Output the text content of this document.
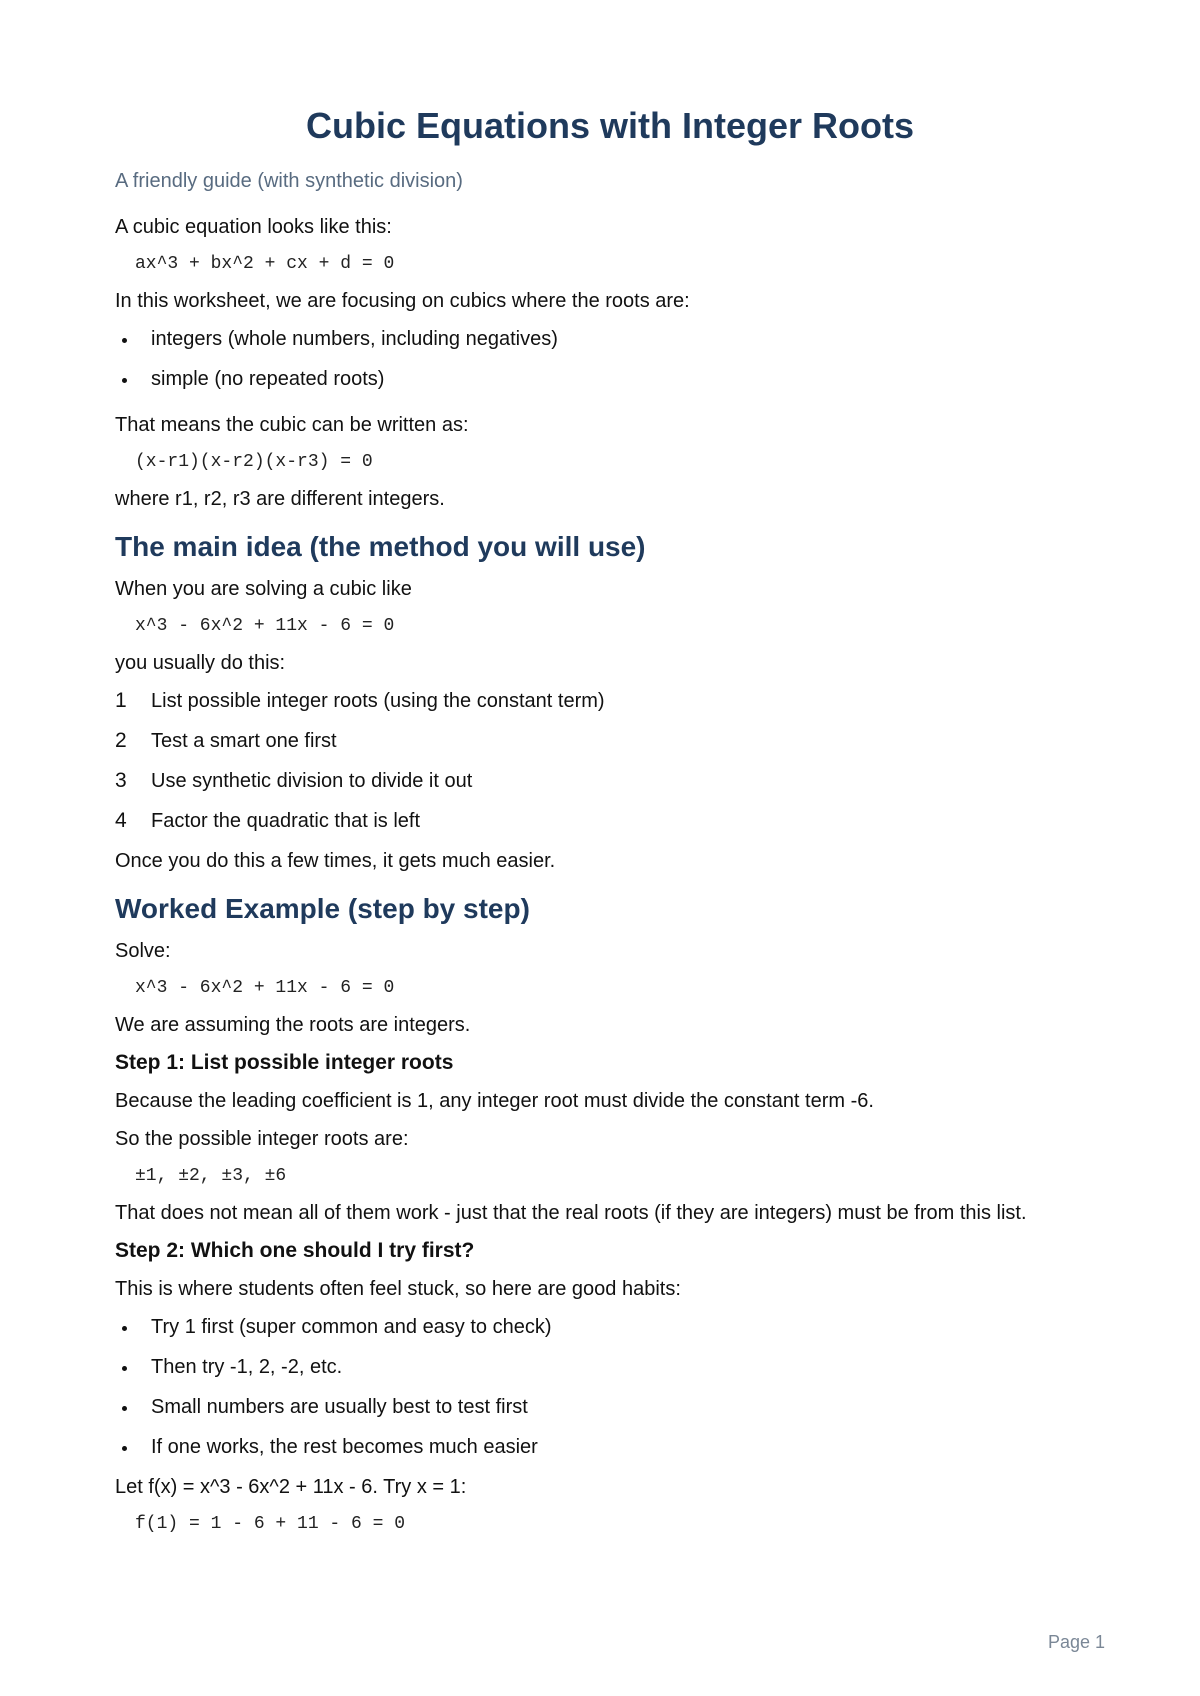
Cubic Equations with Integer Roots
A friendly guide (with synthetic division)

A cubic equation looks like this:

ax^3 + bx^2 + cx + d = 0

In this worksheet, we are focusing on cubics where the roots are:

integers (whole numbers, including negatives)
simple (no repeated roots)

That means the cubic can be written as:

(x-r1)(x-r2)(x-r3) = 0

where r1, r2, r3 are different integers.

The main idea (the method you will use)

When you are solving a cubic like

x^3 - 6x^2 + 11x - 6 = 0

you usually do this:

1 List possible integer roots (using the constant term)
2 Test a smart one first
3 Use synthetic division to divide it out
4 Factor the quadratic that is left

Once you do this a few times, it gets much easier.

Worked Example (step by step)

Solve:

x^3 - 6x^2 + 11x - 6 = 0

We are assuming the roots are integers.

Step 1: List possible integer roots

Because the leading coefficient is 1, any integer root must divide the constant term -6.

So the possible integer roots are:

±1, ±2, ±3, ±6

That does not mean all of them work - just that the real roots (if they are integers) must be from this list.

Step 2: Which one should I try first?

This is where students often feel stuck, so here are good habits:

Try 1 first (super common and easy to check)
Then try -1, 2, -2, etc.
Small numbers are usually best to test first
If one works, the rest becomes much easier

Let f(x) = x^3 - 6x^2 + 11x - 6. Try x = 1:

f(1) = 1 - 6 + 11 - 6 = 0
Page 1
